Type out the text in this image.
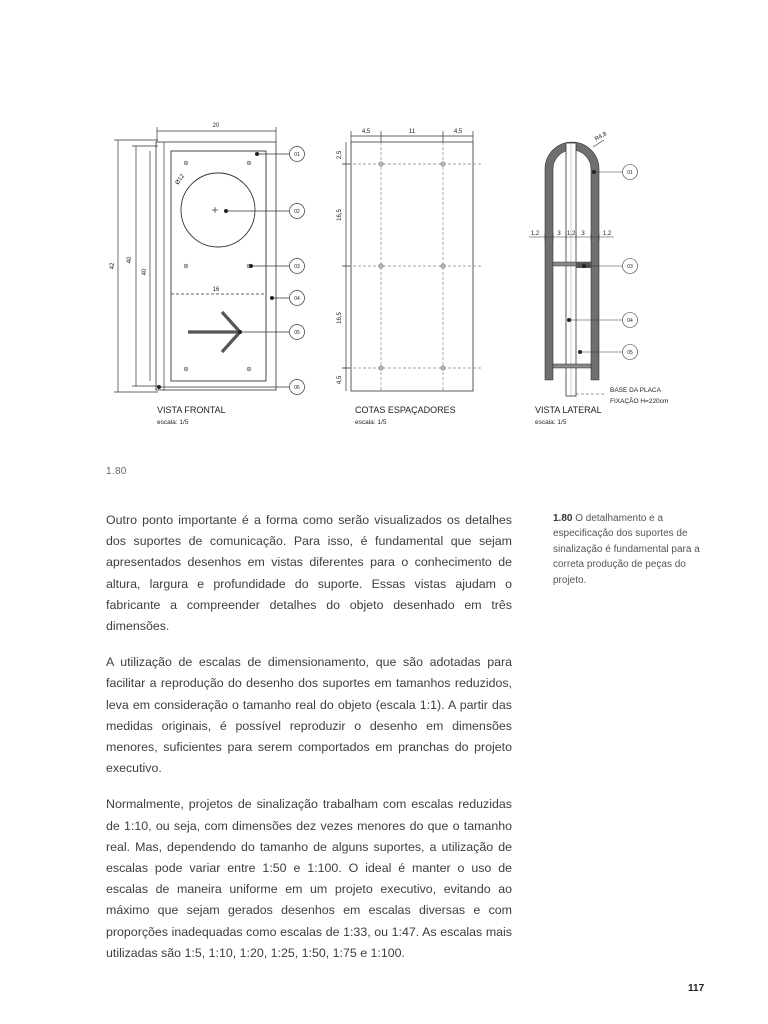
20
42
40
40
16
Ø12
01
02
03
04
05
06
VISTA FRONTAL
escala: 1/5
4,5	11	4,5
2,5
16,5
16,5
4,5
COTAS ESPAÇADORES
escala: 1/5
R4,8
1,2	3 1,2 3	1,2
01
03
04
05
BASE DA PLACA
FIXAÇÃO H=220cm
VISTA LATERAL
escala: 1/5
1.80

Outro ponto importante é a forma como serão visualizados os detalhes dos suportes de comunicação. Para isso, é fundamental que sejam apresentados desenhos em vistas diferentes para o conhecimento de altura, largura e profundidade do suporte. Essas vistas ajudam o fabricante a compreender detalhes do objeto desenhado em três dimensões.

A utilização de escalas de dimensionamento, que são adotadas para facilitar a reprodução do desenho dos suportes em tamanhos reduzidos, leva em consideração o tamanho real do objeto (escala 1:1). A partir das medidas originais, é possível reproduzir o desenho em dimensões menores, suficientes para serem comportados em pranchas do projeto executivo.

Normalmente, projetos de sinalização trabalham com escalas reduzidas de 1:10, ou seja, com dimensões dez vezes menores do que o tamanho real. Mas, dependendo do tamanho de alguns suportes, a utilização de escalas pode variar entre 1:50 e 1:100. O ideal é manter o uso de escalas de maneira uniforme em um projeto executivo, evitando ao máximo que sejam gerados desenhos em escalas diversas e com proporções inadequadas como escalas de 1:33, ou 1:47. As escalas mais utilizadas são 1:5, 1:10, 1:20, 1:25, 1:50, 1:75 e 1:100.

1.80 O detalhamento e a especificação dos suportes de sinalização é fundamental para a correta produção de peças do projeto.
117
